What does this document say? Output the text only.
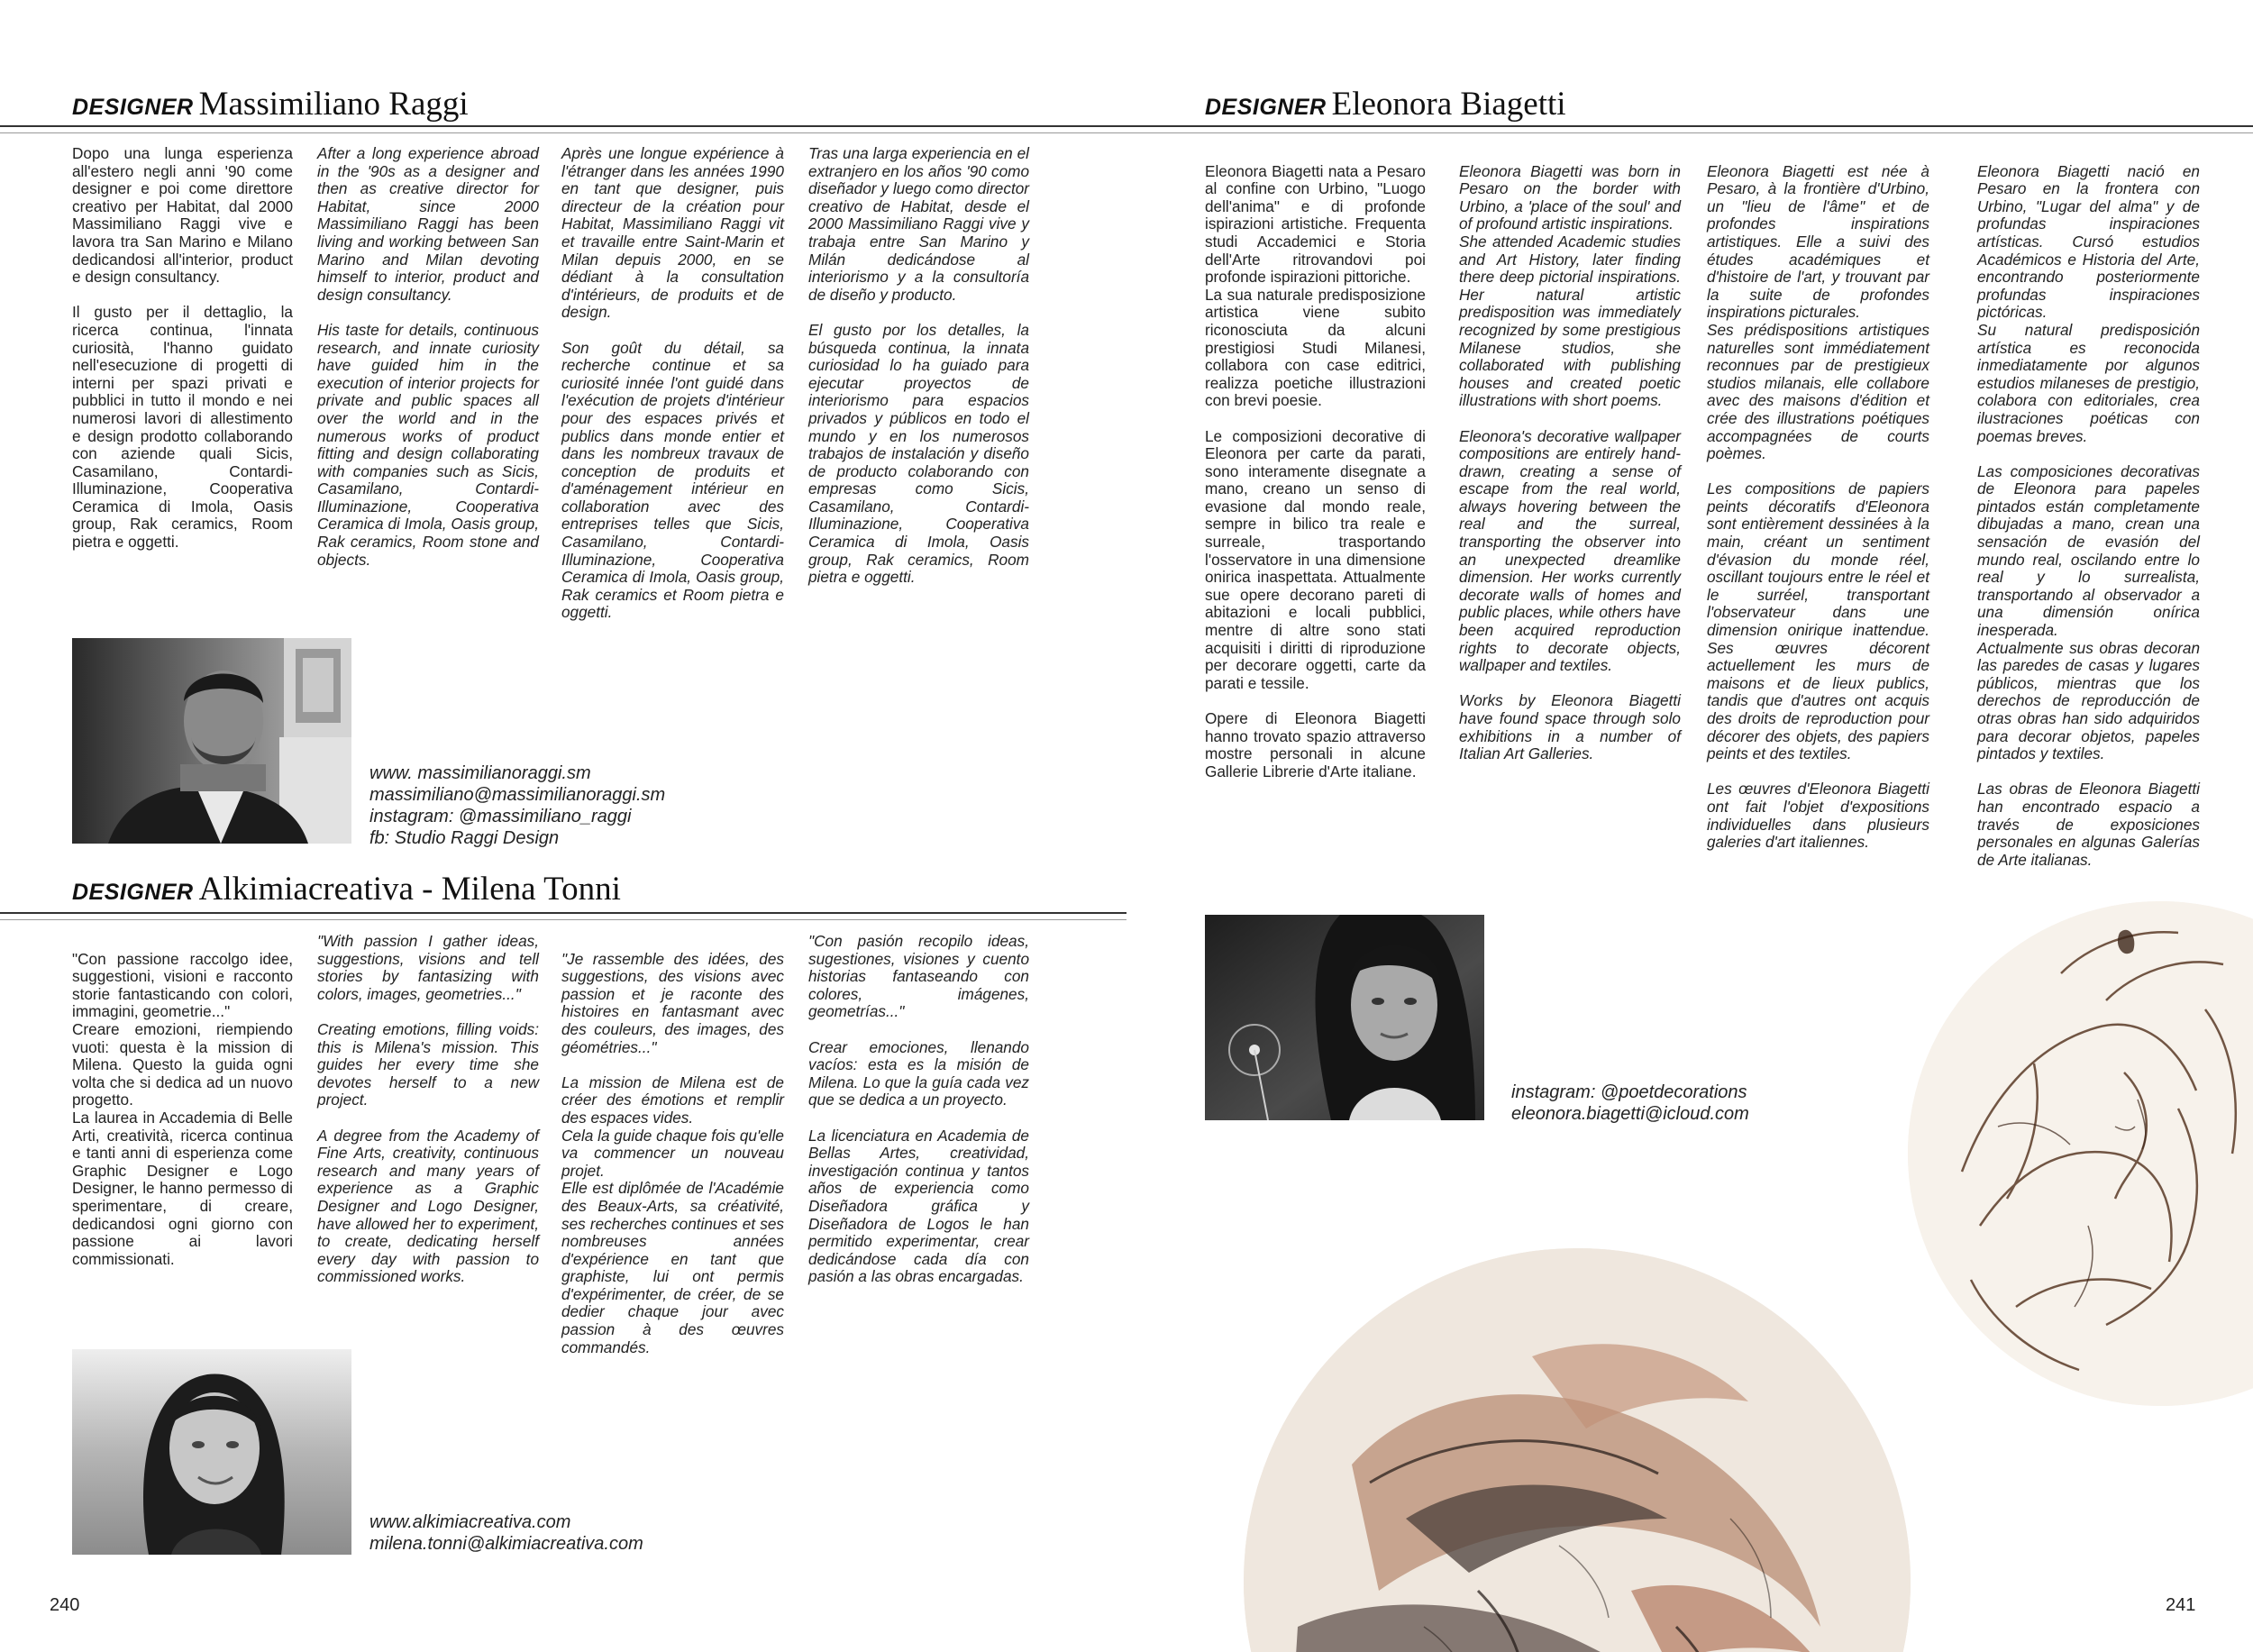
DESIGNER Massimiliano Raggi

Dopo una lunga esperienza all'estero negli anni '90 come designer e poi come direttore creativo per Habitat, dal 2000 Massimiliano Raggi vive e lavora tra San Marino e Milano dedicandosi all'interior, product e design consultancy.

Il gusto per il dettaglio, la ricerca continua, l'innata curiosità, l'hanno guidato nell'esecuzione di progetti di interni per spazi privati e pubblici in tutto il mondo e nei numerosi lavori di allestimento e design prodotto collaborando con aziende quali Sicis, Casamilano, Contardi-Illuminazione, Cooperativa Ceramica di Imola, Oasis group, Rak ceramics, Room pietra e oggetti.

After a long experience abroad in the '90s as a designer and then as creative director for Habitat, since 2000 Massimiliano Raggi has been living and working between San Marino and Milan devoting himself to interior, product and design consultancy.

His taste for details, continuous research, and innate curiosity have guided him in the execution of interior projects for private and public spaces all over the world and in the numerous works of product fitting and design collaborating with companies such as Sicis, Casamilano, Contardi-Illuminazione, Cooperativa Ceramica di Imola, Oasis group, Rak ceramics, Room stone and objects.

Après une longue expérience à l'étranger dans les années 1990 en tant que designer, puis directeur de la création pour Habitat, Massimiliano Raggi vit et travaille entre Saint-Marin et Milan depuis 2000, en se dédiant à la consultation d'intérieurs, de produits et de design.

Son goût du détail, sa recherche continue et sa curiosité innée l'ont guidé dans l'exécution de projets d'intérieur pour des espaces privés et publics dans monde entier et dans les nombreux travaux de conception de produits et d'aménagement intérieur en collaboration avec des entreprises telles que Sicis, Casamilano, Contardi-Illuminazione, Cooperativa Ceramica di Imola, Oasis group, Rak ceramics et Room pietra e oggetti.

Tras una larga experiencia en el extranjero en los años '90 como diseñador y luego como director creativo de Habitat, desde el 2000 Massimiliano Raggi vive y trabaja entre San Marino y Milán dedicándose al interiorismo y a la consultoría de diseño y producto.

El gusto por los detalles, la búsqueda continua, la innata curiosidad lo ha guiado para ejecutar proyectos de interiorismo para espacios privados y públicos en todo el mundo y en los numerosos trabajos de instalación y diseño de producto colaborando con empresas como Sicis, Casamilano, Contardi-Illuminazione, Cooperativa Ceramica di Imola, Oasis group, Rak ceramics, Room pietra e oggetti.

www. massimilianoraggi.sm
massimiliano@massimilianoraggi.sm
instagram: @massimiliano_raggi
fb: Studio Raggi Design
DESIGNER Alkimiacreativa - Milena Tonni

"Con passione raccolgo idee, suggestioni, visioni e racconto storie fantasticando con colori, immagini, geometrie..."
Creare emozioni, riempiendo vuoti: questa è la mission di Milena. Questo la guida ogni volta che si dedica ad un nuovo progetto.
La laurea in Accademia di Belle Arti, creatività, ricerca continua e tanti anni di esperienza come Graphic Designer e Logo Designer, le hanno permesso di sperimentare, di creare, dedicandosi ogni giorno con passione ai lavori commissionati.

"With passion I gather ideas, suggestions, visions and tell stories by fantasizing with colors, images, geometries..."

Creating emotions, filling voids: this is Milena's mission. This guides her every time she devotes herself to a new project.

A degree from the Academy of Fine Arts, creativity, continuous research and many years of experience as a Graphic Designer and Logo Designer, have allowed her to experiment, to create, dedicating herself every day with passion to commissioned works.

"Je rassemble des idées, des suggestions, des visions avec passion et je raconte des histoires en fantasmant avec des couleurs, des images, des géométries..."

La mission de Milena est de créer des émotions et remplir des espaces vides.
Cela la guide chaque fois qu'elle va commencer un nouveau projet.
Elle est diplômée de l'Académie des Beaux-Arts, sa créativité, ses recherches continues et ses nombreuses années d'expérience en tant que graphiste, lui ont permis d'expérimenter, de créer, de se dedier chaque jour avec passion à des œuvres commandés.

"Con pasión recopilo ideas, sugestiones, visiones y cuento historias fantaseando con colores, imágenes, geometrías..."

Crear emociones, llenando vacíos: esta es la misión de Milena. Lo que la guía cada vez que se dedica a un proyecto.

La licenciatura en Academia de Bellas Artes, creatividad, investigación continua y tantos años de experiencia como Diseñadora gráfica y Diseñadora de Logos le han permitido experimentar, crear dedicándose cada día con pasión a las obras encargadas.

www.alkimiacreativa.com
milena.tonni@alkimiacreativa.com
240
DESIGNER Eleonora Biagetti

Eleonora Biagetti nata a Pesaro al confine con Urbino, "Luogo dell'anima" e di profonde ispirazioni artistiche. Frequenta studi Accademici e Storia dell'Arte ritrovandovi poi profonde ispirazioni pittoriche.
La sua naturale predisposizione artistica viene subito riconosciuta da alcuni prestigiosi Studi Milanesi, collabora con case editrici, realizza poetiche illustrazioni con brevi poesie.

Le composizioni decorative di Eleonora per carte da parati, sono interamente disegnate a mano, creano un senso di evasione dal mondo reale, sempre in bilico tra reale e surreale, trasportando l'osservatore in una dimensione onirica inaspettata. Attualmente sue opere decorano pareti di abitazioni e locali pubblici, mentre di altre sono stati acquisiti i diritti di riproduzione per decorare oggetti, carte da parati e tessile.

Opere di Eleonora Biagetti hanno trovato spazio attraverso mostre personali in alcune Gallerie Librerie d'Arte italiane.

Eleonora Biagetti was born in Pesaro on the border with Urbino, a 'place of the soul' and of profound artistic inspirations.
She attended Academic studies and Art History, later finding there deep pictorial inspirations. Her natural artistic predisposition was immediately recognized by some prestigious Milanese studios, she collaborated with publishing houses and created poetic illustrations with short poems.

Eleonora's decorative wallpaper compositions are entirely hand-drawn, creating a sense of escape from the real world, always hovering between the real and the surreal, transporting the observer into an unexpected dreamlike dimension. Her works currently decorate walls of homes and public places, while others have been acquired reproduction rights to decorate objects, wallpaper and textiles.

Works by Eleonora Biagetti have found space through solo exhibitions in a number of Italian Art Galleries.

Eleonora Biagetti est née à Pesaro, à la frontière d'Urbino, un "lieu de l'âme" et de profondes inspirations artistiques. Elle a suivi des études académiques et d'histoire de l'art, y trouvant par la suite de profondes inspirations picturales.
Ses prédispositions artistiques naturelles sont immédiatement reconnues par de prestigieux studios milanais, elle collabore avec des maisons d'édition et crée des illustrations poétiques accompagnées de courts poèmes.

Les compositions de papiers peints décoratifs d'Eleonora sont entièrement dessinées à la main, créant un sentiment d'évasion du monde réel, oscillant toujours entre le réel et le surréel, transportant l'observateur dans une dimension onirique inattendue. Ses œuvres décorent actuellement les murs de maisons et de lieux publics, tandis que d'autres ont acquis des droits de reproduction pour décorer des objets, des papiers peints et des textiles.

Les œuvres d'Eleonora Biagetti ont fait l'objet d'expositions individuelles dans plusieurs galeries d'art italiennes.

Eleonora Biagetti nació en Pesaro en la frontera con Urbino, "Lugar del alma" y de profundas inspiraciones artísticas. Cursó estudios Académicos e Historia del Arte, encontrando posteriormente profundas inspiraciones pictóricas.
Su natural predisposición artística es reconocida inmediatamente por algunos estudios milaneses de prestigio, colabora con editoriales, crea ilustraciones poéticas con poemas breves.

Las composiciones decorativas de Eleonora para papeles pintados están completamente dibujadas a mano, crean una sensación de evasión del mundo real, oscilando entre lo real y lo surrealista, transportando al observador a una dimensión onírica inesperada.
Actualmente sus obras decoran las paredes de casas y lugares públicos, mientras que los derechos de reproducción de otras obras han sido adquiridos para decorar objetos, papeles pintados y textiles.

Las obras de Eleonora Biagetti han encontrado espacio a través de exposiciones personales en algunas Galerías de Arte italianas.

instagram: @poetdecorations
eleonora.biagetti@icloud.com
241
